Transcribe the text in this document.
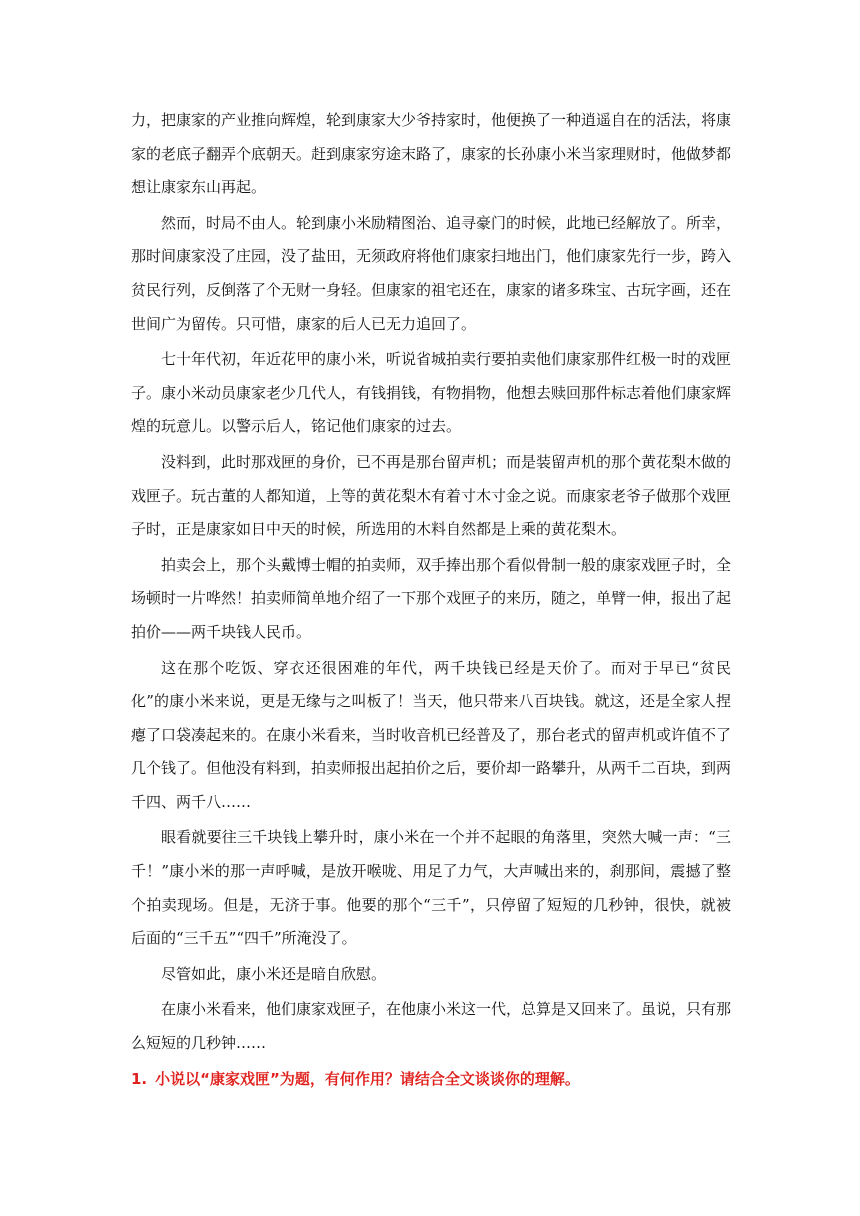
力，把康家的产业推向辉煌，轮到康家大少爷持家时，他便换了一种逍遥自在的活法，将康家的老底子翻弄个底朝天。赶到康家穷途末路了，康家的长孙康小米当家理财时，他做梦都想让康家东山再起。

然而，时局不由人。轮到康小米励精图治、追寻豪门的时候，此地已经解放了。所幸，那时间康家没了庄园，没了盐田，无须政府将他们康家扫地出门，他们康家先行一步，跨入贫民行列，反倒落了个无财一身轻。但康家的祖宅还在，康家的诸多珠宝、古玩字画，还在世间广为留传。只可惜，康家的后人已无力追回了。

七十年代初，年近花甲的康小米，听说省城拍卖行要拍卖他们康家那件红极一时的戏匣子。康小米动员康家老少几代人，有钱捐钱，有物捐物，他想去赎回那件标志着他们康家辉煌的玩意儿。以警示后人，铭记他们康家的过去。

没料到，此时那戏匣的身价，已不再是那台留声机；而是装留声机的那个黄花梨木做的戏匣子。玩古董的人都知道，上等的黄花梨木有着寸木寸金之说。而康家老爷子做那个戏匣子时，正是康家如日中天的时候，所选用的木料自然都是上乘的黄花梨木。

拍卖会上，那个头戴博士帽的拍卖师，双手捧出那个看似骨制一般的康家戏匣子时，全场顿时一片哗然！拍卖师简单地介绍了一下那个戏匣子的来历，随之，单臂一伸，报出了起拍价——两千块钱人民币。

这在那个吃饭、穿衣还很困难的年代，两千块钱已经是天价了。而对于早已“贫民化”的康小米来说，更是无缘与之叫板了！当天，他只带来八百块钱。就这，还是全家人捏瘪了口袋凑起来的。在康小米看来，当时收音机已经普及了，那台老式的留声机或许值不了几个钱了。但他没有料到，拍卖师报出起拍价之后，要价却一路攀升，从两千二百块，到两千四、两千八……

眼看就要往三千块钱上攀升时，康小米在一个并不起眼的角落里，突然大喊一声：“三千！”康小米的那一声呼喊，是放开喉咙、用足了力气，大声喊出来的，刹那间，震撼了整个拍卖现场。但是，无济于事。他要的那个“三千”，只停留了短短的几秒钟，很快，就被后面的“三千五”“四千”所淹没了。

尽管如此，康小米还是暗自欣慰。

在康小米看来，他们康家戏匣子，在他康小米这一代，总算是又回来了。虽说，只有那么短短的几秒钟……

1. 小说以“康家戏匣”为题，有何作用？请结合全文谈谈你的理解。
